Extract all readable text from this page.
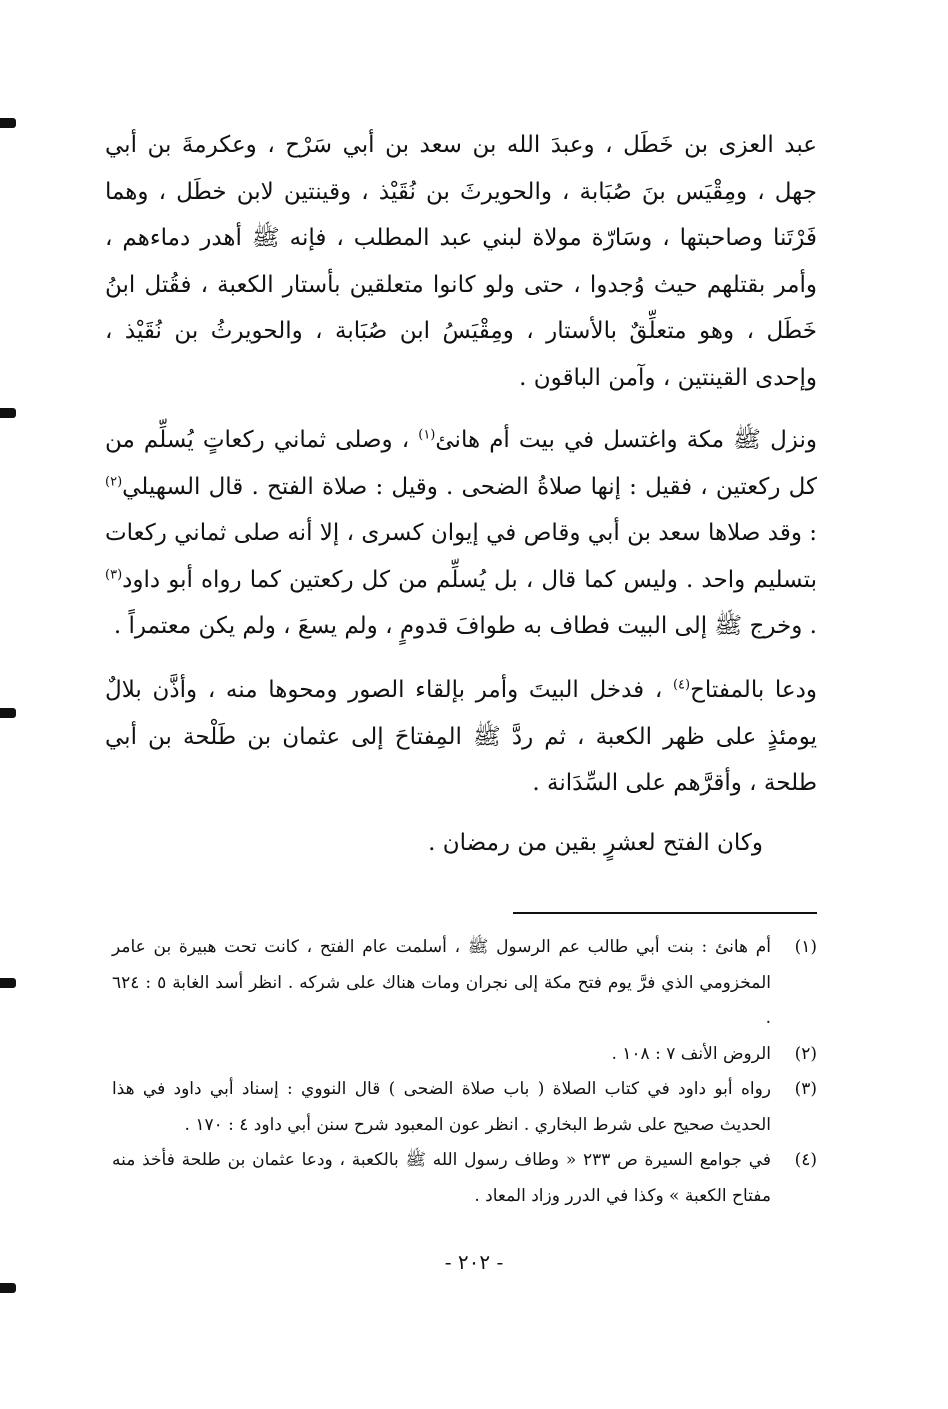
عبد العزى بن خَطَل ، وعبدَ الله بن سعد بن أبي سَرْح ، وعكرمةَ بن أبي جهل ، ومِقْيَس بنَ صُبَابة ، والحويرثَ بن نُقَيْذ ، وقينتين لابن خطَل ، وهما فَرْتَنا وصاحبتها ، وسَارّة مولاة لبني عبد المطلب ، فإنه ﷺ أهدر دماءهم ، وأمر بقتلهم حيث وُجدوا ، حتى ولو كانوا متعلقين بأستار الكعبة ، فقُتل ابنُ خَطَل ، وهو متعلِّقٌ بالأستار ، ومِقْيَسُ ابن صُبَابة ، والحويرثُ بن نُقَيْذ ، وإحدى القينتين ، وآمن الباقون .

ونزل ﷺ مكة واغتسل في بيت أم هانئ$^{(١)}$ ، وصلى ثماني ركعاتٍ يُسلِّم من كل ركعتين ، فقيل : إنها صلاةُ الضحى . وقيل : صلاة الفتح . قال السهيلي$^{(٢)}$ : وقد صلاها سعد بن أبي وقاص في إيوان كسرى ، إلا أنه صلى ثماني ركعات بتسليم واحد . وليس كما قال ، بل يُسلِّم من كل ركعتين كما رواه أبو داود$^{(٣)}$ . وخرج ﷺ إلى البيت فطاف به طوافَ قدومٍ ، ولم يسعَ ، ولم يكن معتمراً .

ودعا بالمفتاح$^{(٤)}$ ، فدخل البيتَ وأمر بإلقاء الصور ومحوها منه ، وأذَّن بلالٌ يومئذٍ على ظهر الكعبة ، ثم ردَّ ﷺ المِفتاحَ إلى عثمان بن طَلْحة بن أبي طلحة ، وأقرَّهم على السِّدَانة .

وكان الفتح لعشرٍ بقين من رمضان .

(١)
أم هانئ : بنت أبي طالب عم الرسول ﷺ ، أسلمت عام الفتح ، كانت تحت هبيرة بن عامر المخزومي الذي فرَّ يوم فتح مكة إلى نجران ومات هناك على شركه . انظر أسد الغابة ٥ : ٦٢٤ .
(٢)
الروض الأنف ٧ : ١٠٨ .
(٣)
رواه أبو داود في كتاب الصلاة ( باب صلاة الضحى ) قال النووي : إسناد أبي داود في هذا الحديث صحيح على شرط البخاري . انظر عون المعبود شرح سنن أبي داود ٤ : ١٧٠ .
(٤)
في جوامع السيرة ص ٢٣٣ « وطاف رسول الله ﷺ بالكعبة ، ودعا عثمان بن طلحة فأخذ منه مفتاح الكعبة » وكذا في الدرر وزاد المعاد .
- ٢٠٢ -
